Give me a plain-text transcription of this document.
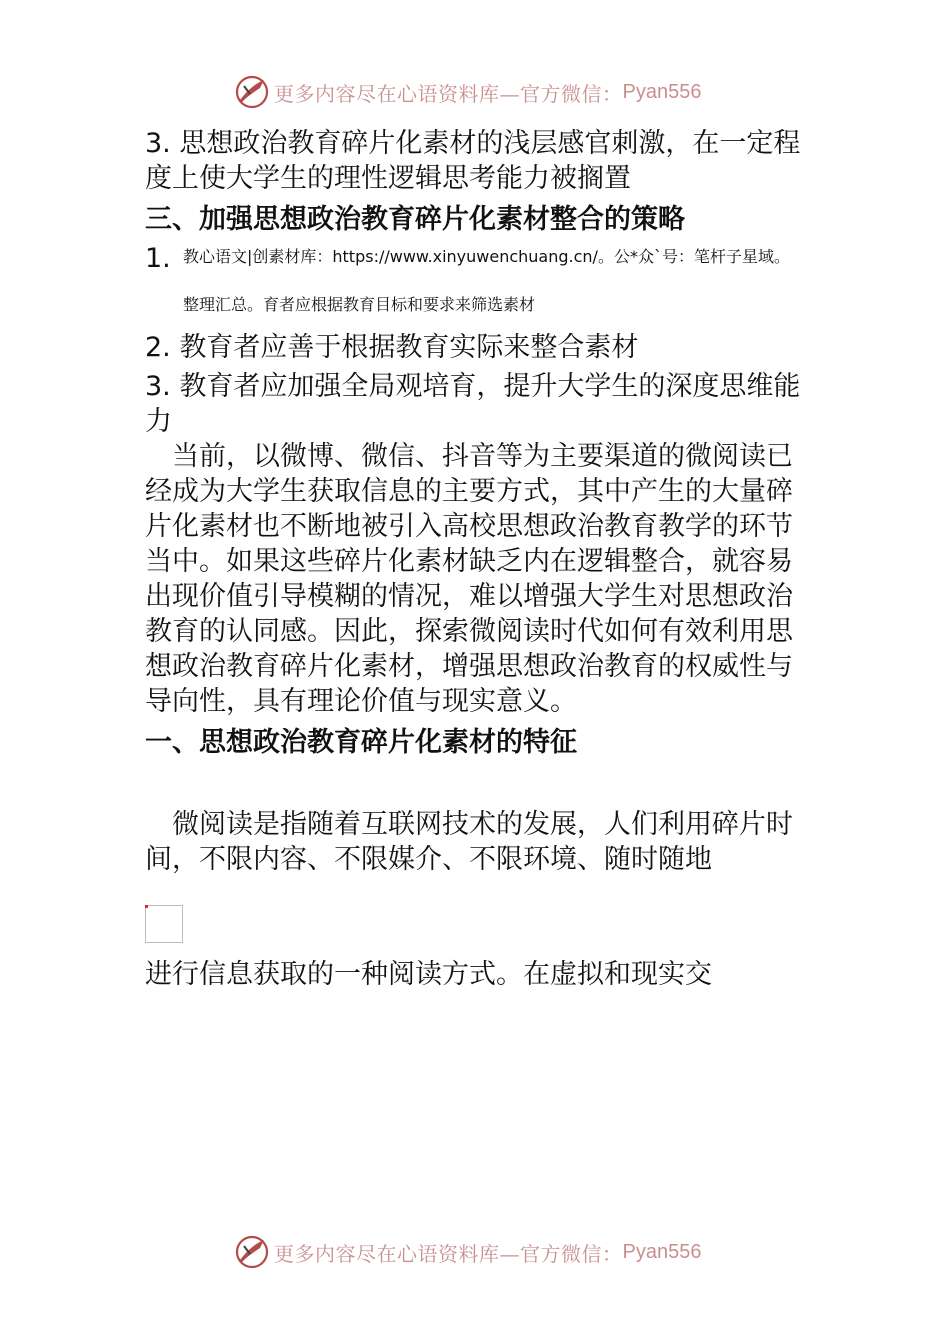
更多内容尽在心语资料库—官方微信： Pyan556

3. 思想政治教育碎片化素材的浅层感官刺激，在一定程度上使大学生的理性逻辑思考能力被搁置

三、加强思想政治教育碎片化素材整合的策略
1. 教心语文|创素材库：https://www.xinyuwenchuang.cn/。公*众`号：笔杆子星域。
整理汇总。育者应根据教育目标和要求来筛选素材

2. 教育者应善于根据教育实际来整合素材

3. 教育者应加强全局观培育，提升大学生的深度思维能力

　当前，以微博、微信、抖音等为主要渠道的微阅读已经成为大学生获取信息的主要方式，其中产生的大量碎片化素材也不断地被引入高校思想政治教育教学的环节当中。如果这些碎片化素材缺乏内在逻辑整合，就容易出现价值引导模糊的情况，难以增强大学生对思想政治教育的认同感。因此，探索微阅读时代如何有效利用思想政治教育碎片化素材，增强思想政治教育的权威性与导向性，具有理论价值与现实意义。

一、思想政治教育碎片化素材的特征

　微阅读是指随着互联网技术的发展，人们利用碎片时间，不限内容、不限媒介、不限环境、随时随地

进行信息获取的一种阅读方式。在虚拟和现实交

更多内容尽在心语资料库—官方微信： Pyan556
